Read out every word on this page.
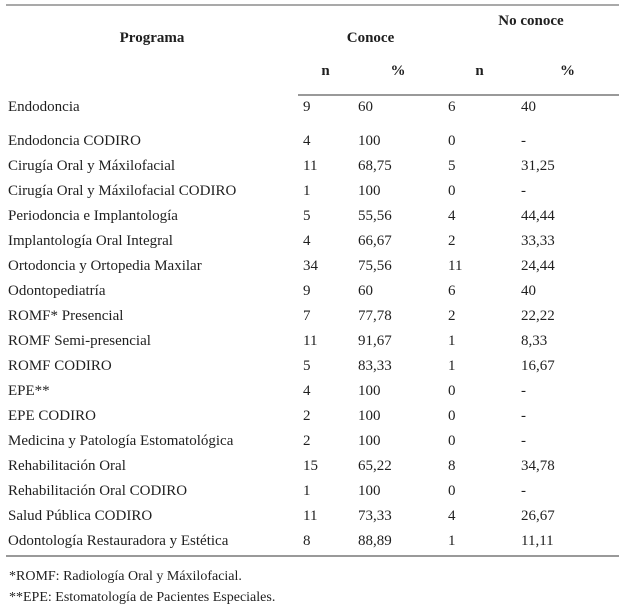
Programa	Conoce		No conoce	
	n	%	n	%
Endodoncia	9	60	6	40
Endodoncia CODIRO	4	100	0	-
Cirugía Oral y Máxilofacial	11	68,75	5	31,25
Cirugía Oral y Máxilofacial CODIRO	1	100	0	-
Periodoncia e Implantología	5	55,56	4	44,44
Implantología Oral Integral	4	66,67	2	33,33
Ortodoncia y Ortopedia Maxilar	34	75,56	11	24,44
Odontopediatría	9	60	6	40
ROMF* Presencial	7	77,78	2	22,22
ROMF Semi-presencial	11	91,67	1	8,33
ROMF CODIRO	5	83,33	1	16,67
EPE**	4	100	0	-
EPE CODIRO	2	100	0	-
Medicina y Patología Estomatológica	2	100	0	-
Rehabilitación Oral	15	65,22	8	34,78
Rehabilitación Oral CODIRO	1	100	0	-
Salud Pública CODIRO	11	73,33	4	26,67
Odontología Restauradora y Estética	8	88,89	1	11,11
*ROMF: Radiología Oral y Máxilofacial.
**EPE: Estomatología de Pacientes Especiales.
